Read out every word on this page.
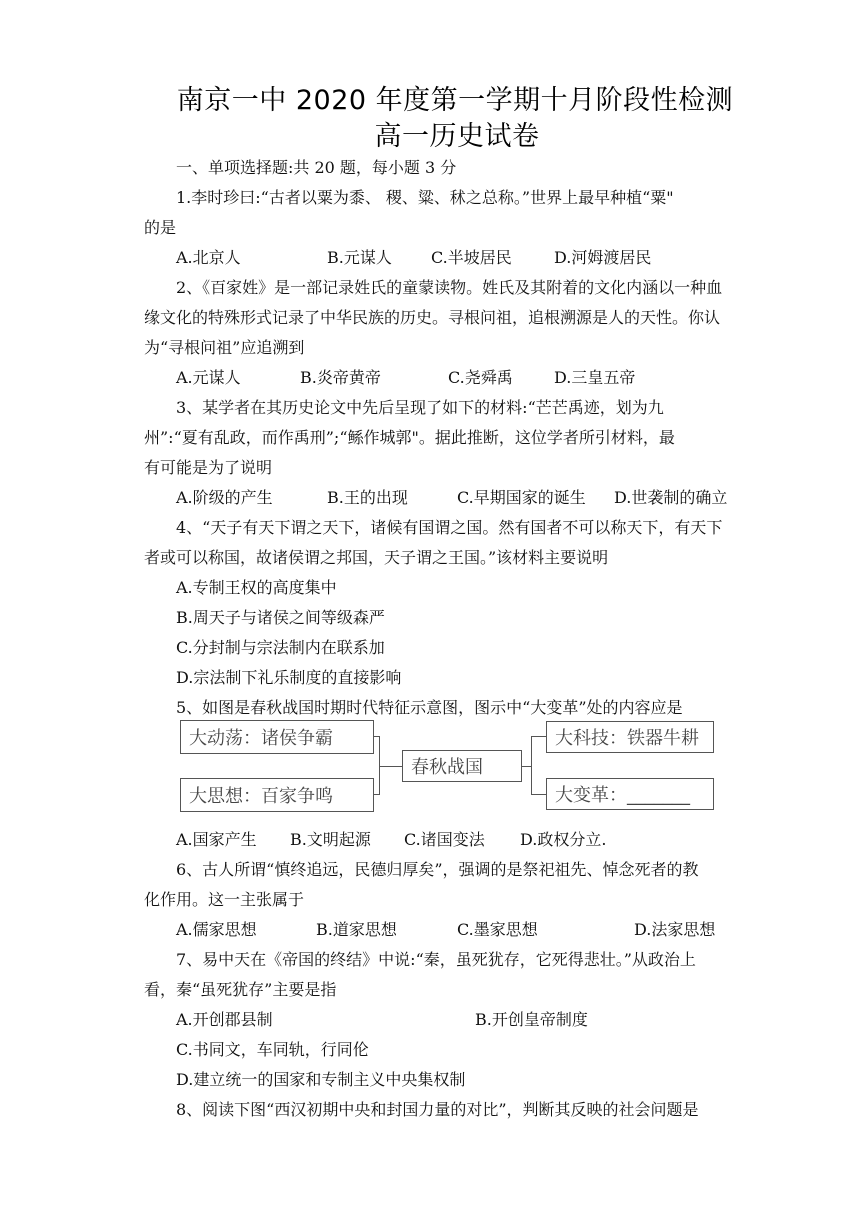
南京一中 2020 年度第一学期十月阶段性检测
高一历史试卷
一、单项选择题:共 20 题，每小题 3 分
1.李时珍曰:“古者以粟为黍、 稷、粱、秫之总称。”世界上最早种植“粟"
的是
A.北京人	B.元谋人 C.半坡居民	D.河姆渡居民
2、《百家姓》是一部记录姓氏的童蒙读物。姓氏及其附着的文化内涵以一种血
缘文化的特殊形式记录了中华民族的历史。寻根问祖，追根溯源是人的天性。你认
为“寻根问祖”应追溯到
A.元谋人	B.炎帝黄帝	C.尧舜禹	D.三皇五帝
3、某学者在其历史论文中先后呈现了如下的材料:“芒芒禹迹，划为九
州”:“夏有乱政，而作禹刑”;“鲧作城郭"。据此推断，这位学者所引材料，最
有可能是为了说明
A.阶级的产生	B.王的出现	C.早期国家的诞生 D.世袭制的确立
4、“天子有天下谓之天下，诸候有国谓之国。然有国者不可以称天下，有天下
者或可以称国，故诸侯谓之邦国，天子谓之王国。”该材料主要说明
A.专制王权的高度集中
B.周天子与诸侯之间等级森严
C.分封制与宗法制内在联系加
D.宗法制下礼乐制度的直接影响
5、如图是春秋战国时期时代特征示意图，图示中“大变革”处的内容应是
大动荡：诸侯争霸
大思想：百家争鸣
春秋战国
大科技：铁器牛耕
大变革：_______
A.国家产生 B.文明起源 C.诸国变法 D.政权分立.
6、古人所谓“慎终追远，民德归厚矣”，强调的是祭祀祖先、悼念死者的教
化作用。这一主张属于
A.儒家思想	B.道家思想	C.墨家思想	D.法家思想
7、易中天在《帝国的终结》中说:“秦，虽死犹存，它死得悲壮。”从政治上
看，秦“虽死犹存”主要是指
A.开创郡县制	B.开创皇帝制度
C.书同文，车同轨，行同伦
D.建立统一的国家和专制主义中央集权制
8、阅读下图“西汉初期中央和封国力量的对比”，判断其反映的社会问题是
